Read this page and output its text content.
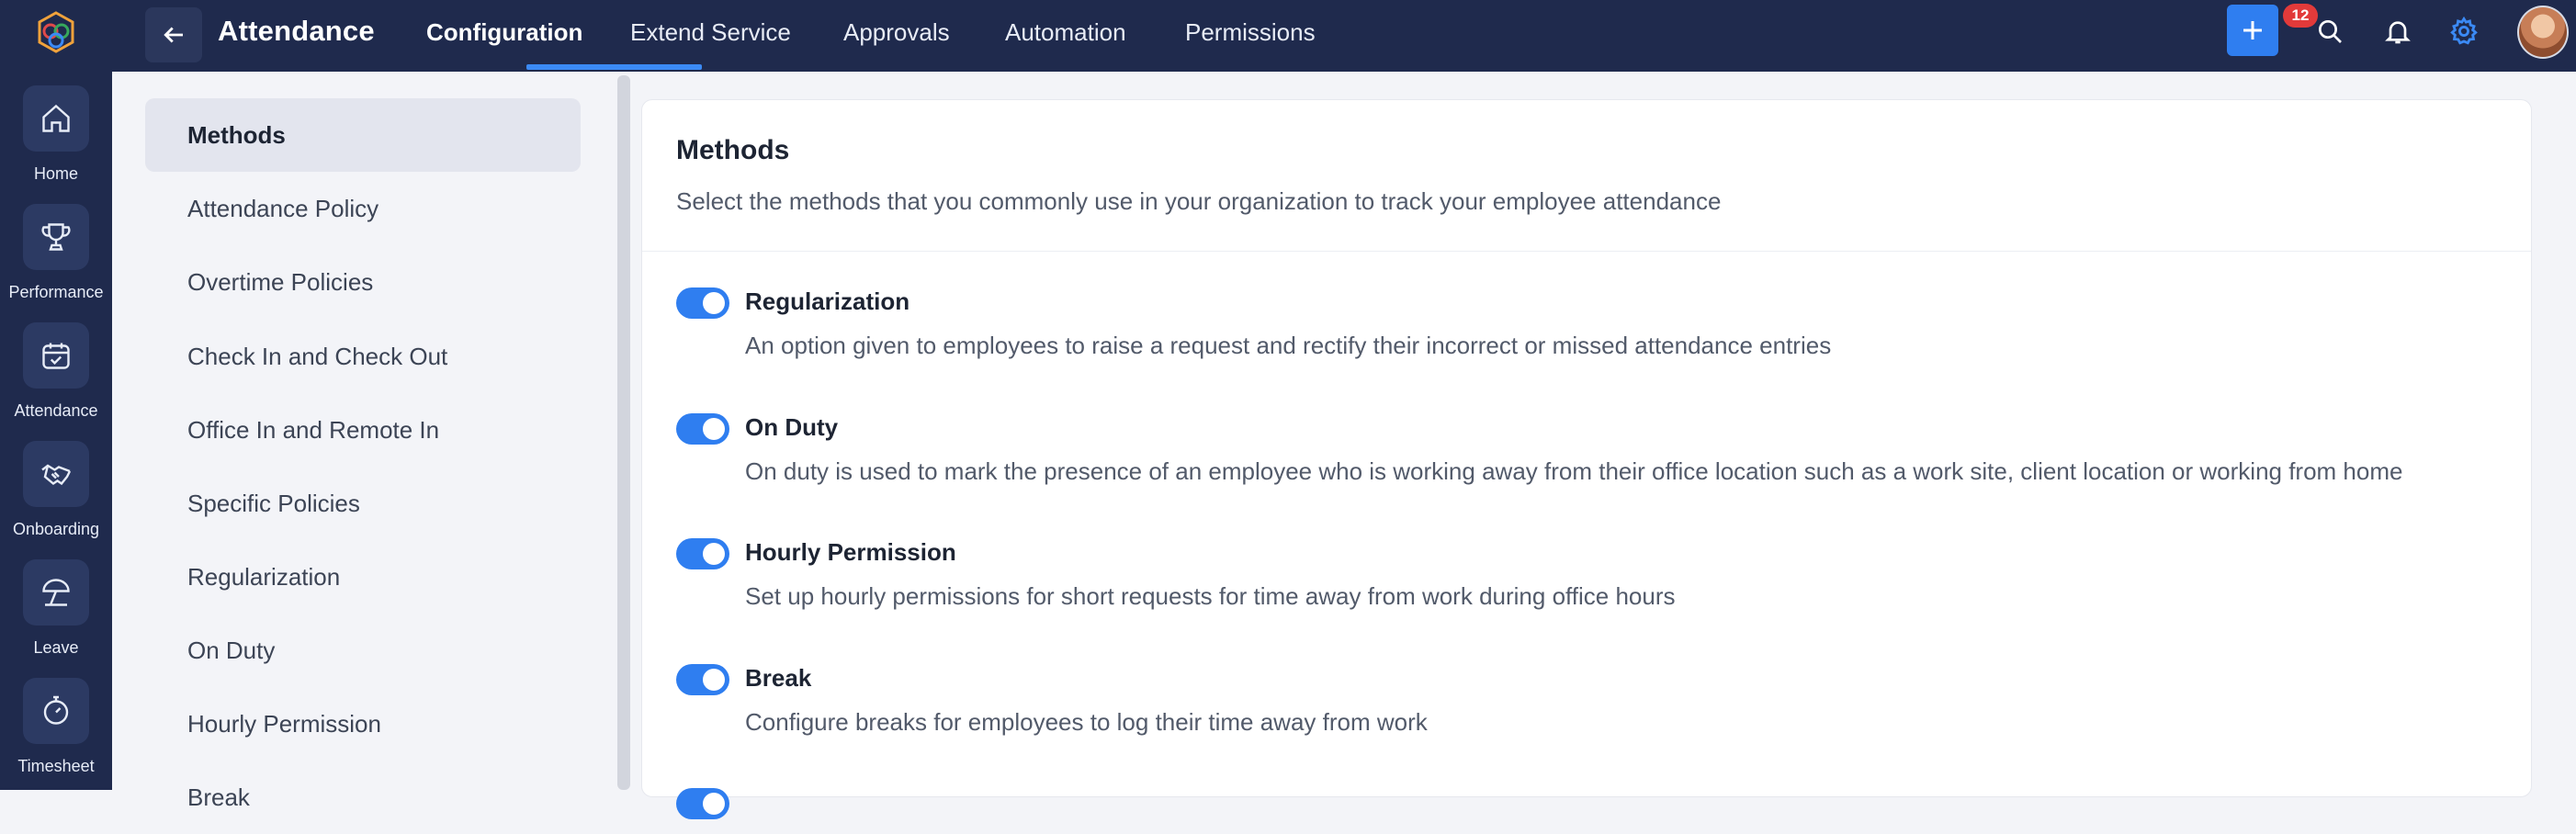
Home
Performance
Attendance
Onboarding
Leave
Timesheet
Attendance Configuration Extend Service Approvals Automation Permissions
12
Methods
Attendance Policy
Overtime Policies
Check In and Check Out
Office In and Remote In
Specific Policies
Regularization
On Duty
Hourly Permission
Break
Methods
Select the methods that you commonly use in your organization to track your employee attendance
Regularization
An option given to employees to raise a request and rectify their incorrect or missed attendance entries
On Duty
On duty is used to mark the presence of an employee who is working away from their office location such as a work site, client location or working from home
Hourly Permission
Set up hourly permissions for short requests for time away from work during office hours
Break
Configure breaks for employees to log their time away from work
